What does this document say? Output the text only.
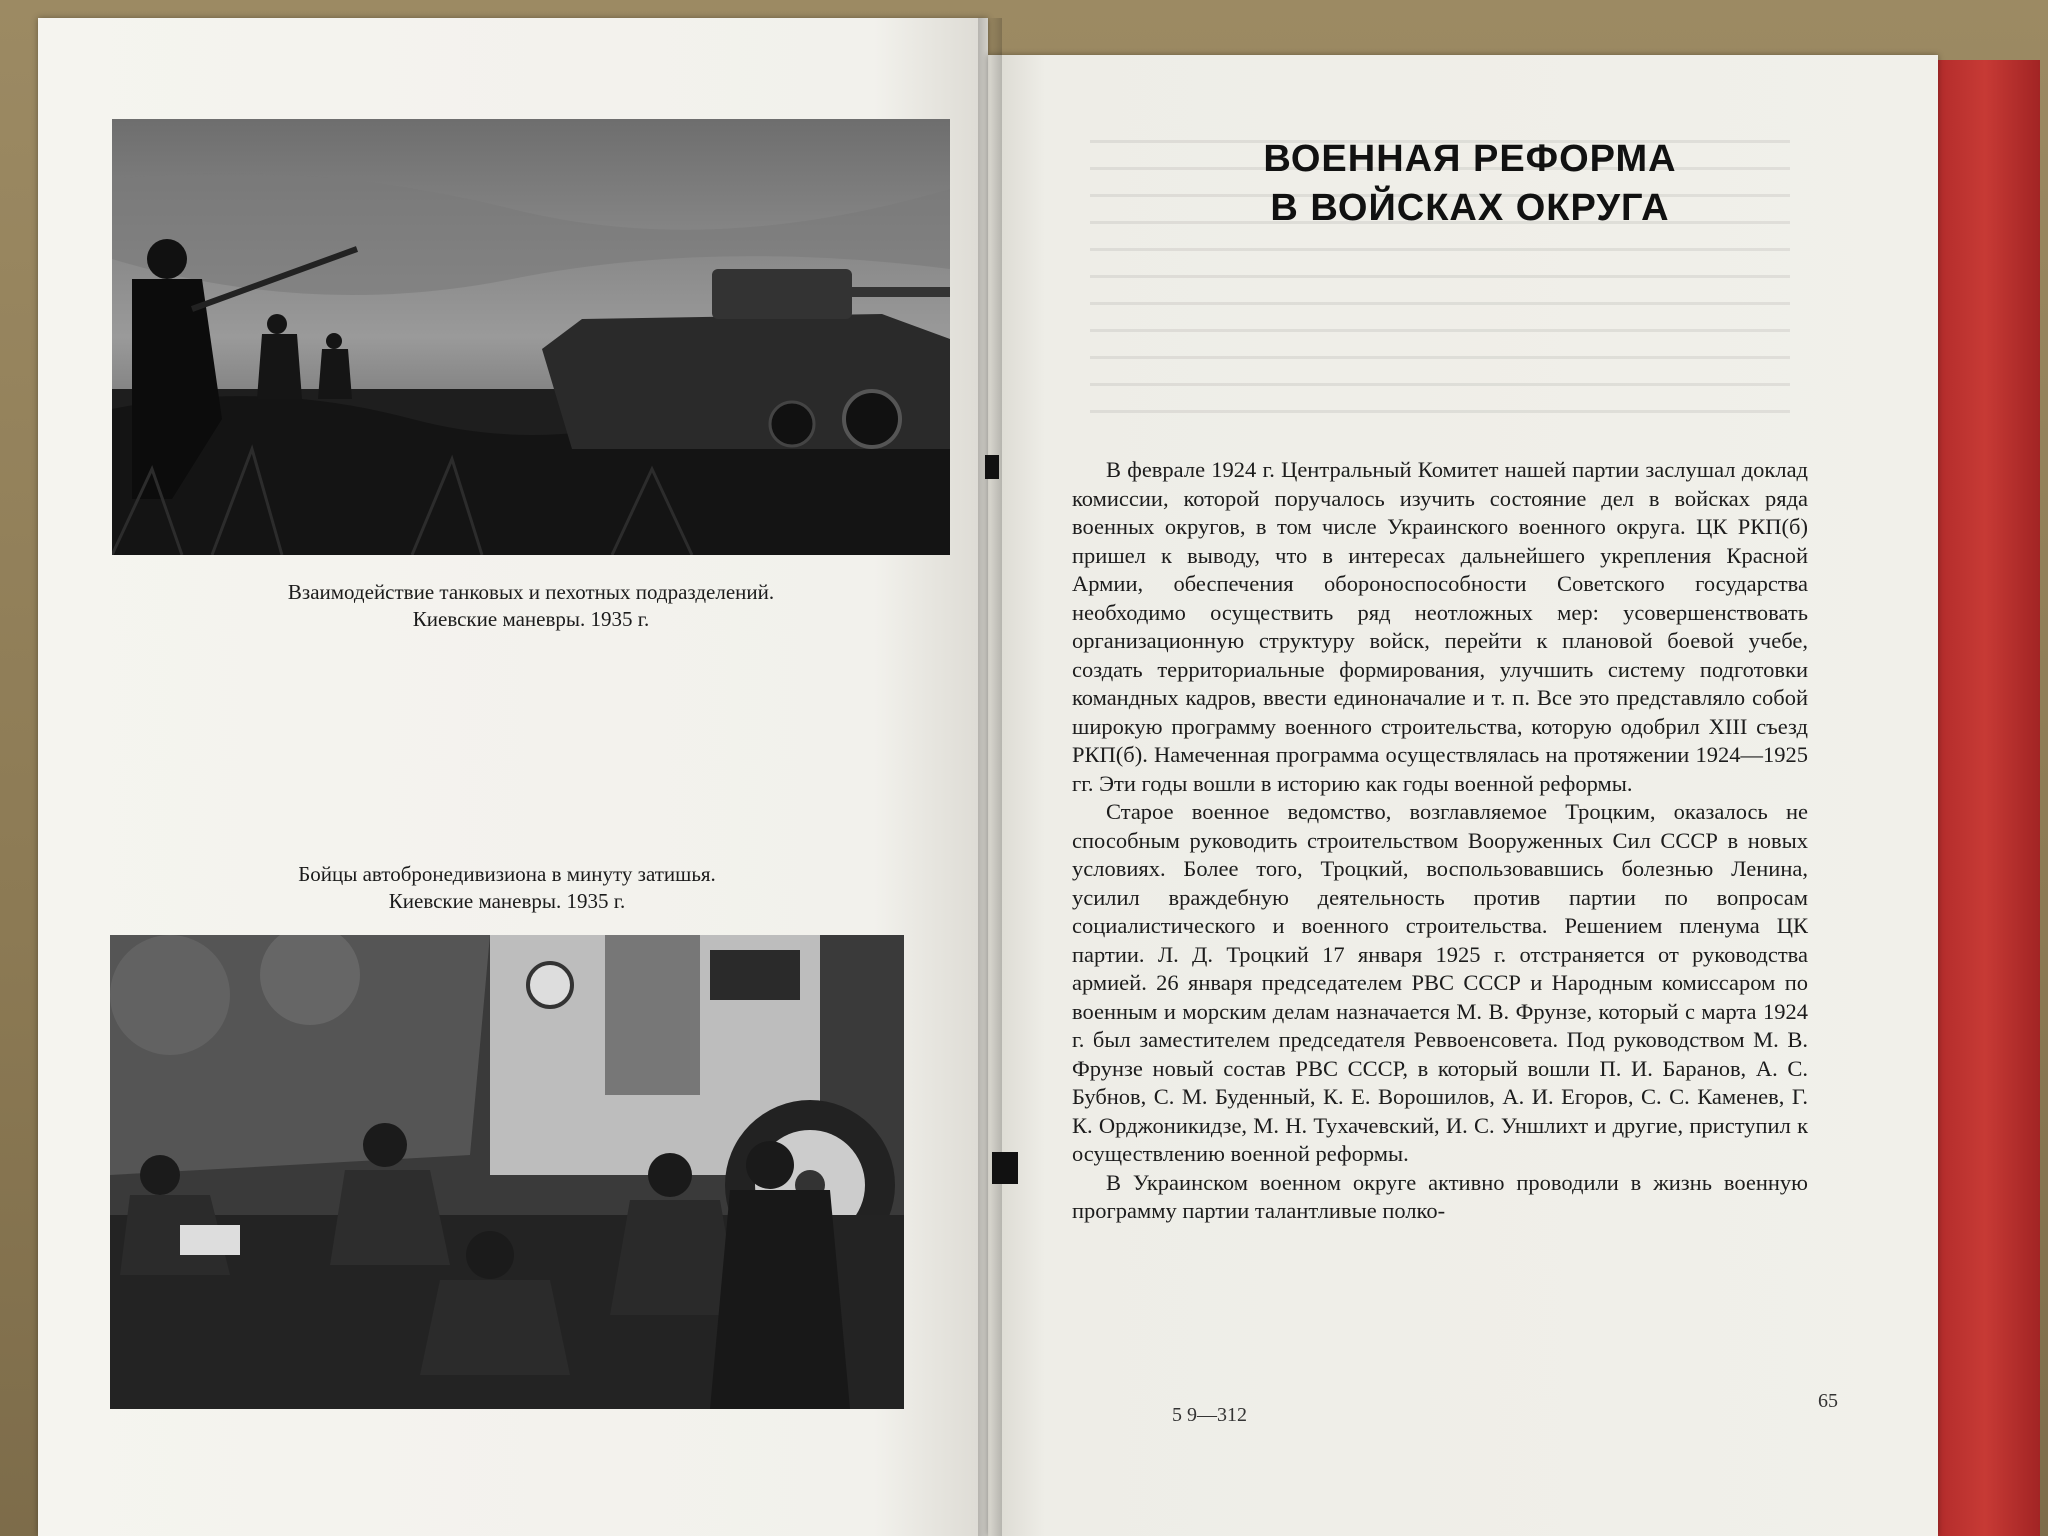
Взаимодействие танковых и пехотных подразделений.
Киевские маневры. 1935 г.
Бойцы автобронедивизиона в минуту затишья.
Киевские маневры. 1935 г.
ВОЕННАЯ РЕФОРМА
В ВОЙСКАХ ОКРУГА

В феврале 1924 г. Центральный Комитет нашей партии заслушал доклад комиссии, которой поручалось изучить состояние дел в войсках ряда военных округов, в том числе Украинского военного округа. ЦК РКП(б) пришел к выводу, что в интересах дальнейшего укрепления Красной Армии, обеспечения обороноспособности Советского государства необходимо осуществить ряд неотложных мер: усовершенствовать организационную структуру войск, перейти к плановой боевой учебе, создать территориальные формирования, улучшить систему подготовки командных кадров, ввести единоначалие и т. п. Все это представляло собой широкую программу военного строительства, которую одобрил XIII съезд РКП(б). Намеченная программа осуществлялась на протяжении 1924—1925 гг. Эти годы вошли в историю как годы военной реформы.

Старое военное ведомство, возглавляемое Троцким, оказалось не способным руководить строительством Вооруженных Сил СССР в новых условиях. Более того, Троцкий, воспользовавшись болезнью Ленина, усилил враждебную деятельность против партии по вопросам социалистического и военного строительства. Решением пленума ЦК партии. Л. Д. Троцкий 17 января 1925 г. отстраняется от руководства армией. 26 января председателем РВС СССР и Народным комиссаром по военным и морским делам назначается М. В. Фрунзе, который с марта 1924 г. был заместителем председателя Реввоенсовета. Под руководством М. В. Фрунзе новый состав РВС СССР, в который вошли П. И. Баранов, А. С. Бубнов, С. М. Буденный, К. Е. Ворошилов, А. И. Егоров, С. С. Каменев, Г. К. Орджоникидзе, М. Н. Тухачевский, И. С. Уншлихт и другие, приступил к осуществлению военной реформы.

В Украинском военном округе активно проводили в жизнь военную программу партии талантливые полко-

5 9—312
65
